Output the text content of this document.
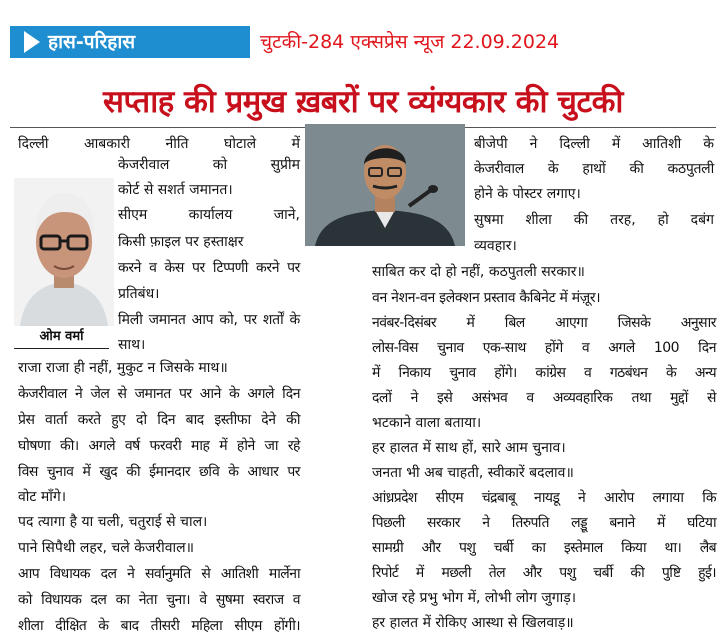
हास-परिहास	चुटकी-284 एक्सप्रेस न्यूज 22.09.2024
सप्ताह की प्रमुख ख़बरों पर व्यंग्यकार की चुटकी
ओम वर्मा
दिल्ली आबकारी नीति घोटाले में
केजरीवाल को सुप्रीम
कोर्ट से सशर्त जमानत।
सीएम कार्यालय जाने,
किसी फ़ाइल पर हस्ताक्षर
करने व केस पर टिप्पणी करने पर
प्रतिबंध।
मिली जमानत आप को, पर शर्तों के
साथ।
राजा राजा ही नहीं, मुकुट न जिसके माथ॥
केजरीवाल ने जेल से जमानत पर आने के अगले दिन
प्रेस वार्ता करते हुए दो दिन बाद इस्तीफा देने की
घोषणा की। अगले वर्ष फरवरी माह में होने जा रहे
विस चुनाव में खुद की ईमानदार छवि के आधार पर
वोट माँगे।
पद त्यागा है या चली, चतुराई से चाल।
पाने सिपैथी लहर, चले केजरीवाल॥
आप विधायक दल ने सर्वानुमति से आतिशी मार्लेना
को विधायक दल का नेता चुना। वे सुषमा स्वराज व
शीला दीक्षित के बाद तीसरी महिला सीएम होंगी।
बीजेपी ने दिल्ली में आतिशी के
केजरीवाल के हाथों की कठपुतली
होने के पोस्टर लगाए।
सुषमा शीला की तरह, हो दबंग
व्यवहार।
साबित कर दो हो नहीं, कठपुतली सरकार॥
वन नेशन-वन इलेक्शन प्रस्ताव कैबिनेट में मंज़ूर।
नवंबर-दिसंबर में बिल आएगा जिसके अनुसार
लोस-विस चुनाव एक-साथ होंगे व अगले 100 दिन
में निकाय चुनाव होंगे। कांग्रेस व गठबंधन के अन्य
दलों ने इसे असंभव व अव्यवहारिक तथा मुद्दों से
भटकाने वाला बताया।
हर हालत में साथ हों, सारे आम चुनाव।
जनता भी अब चाहती, स्वीकारें बदलाव॥
आंध्रप्रदेश सीएम चंद्रबाबू नायडू ने आरोप लगाया कि
पिछली सरकार ने तिरुपति लड्डू बनाने में घटिया
सामग्री और पशु चर्बी का इस्तेमाल किया था। लैब
रिपोर्ट में मछली तेल और पशु चर्बी की पुष्टि हुई।
खोज रहे प्रभु भोग में, लोभी लोग जुगाड़।
हर हालत में रोकिए आस्था से खिलवाड़॥
